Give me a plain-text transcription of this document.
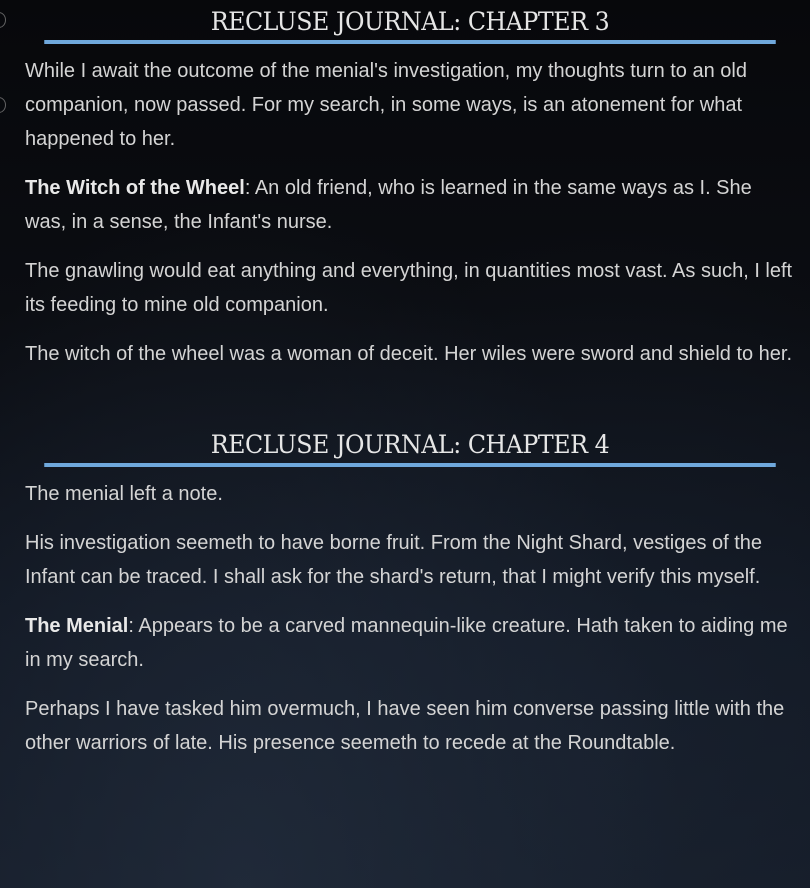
RECLUSE JOURNAL: CHAPTER 3

While I await the outcome of the menial's investigation, my thoughts turn to an old companion, now passed. For my search, in some ways, is an atonement for what happened to her.

The Witch of the Wheel: An old friend, who is learned in the same ways as I. She was, in a sense, the Infant's nurse.

The gnawling would eat anything and everything, in quantities most vast. As such, I left its feeding to mine old companion.

The witch of the wheel was a woman of deceit. Her wiles were sword and shield to her.

RECLUSE JOURNAL: CHAPTER 4

The menial left a note.

His investigation seemeth to have borne fruit. From the Night Shard, vestiges of the Infant can be traced. I shall ask for the shard's return, that I might verify this myself.

The Menial: Appears to be a carved mannequin-like creature. Hath taken to aiding me in my search.

Perhaps I have tasked him overmuch, I have seen him converse passing little with the other warriors of late. His presence seemeth to recede at the Roundtable.
